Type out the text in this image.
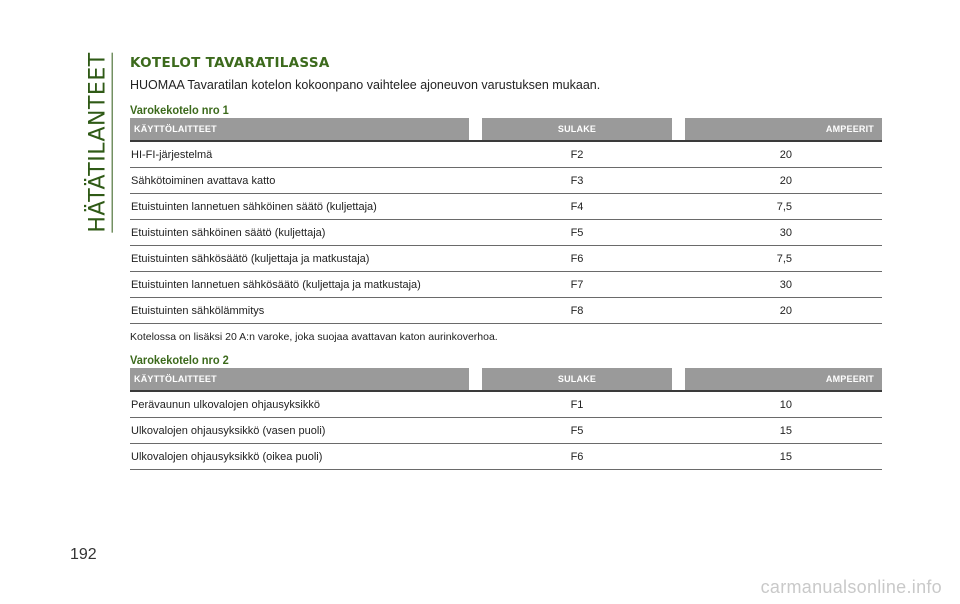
HÄTÄTILANTEET
192
KOTELOT TAVARATILASSA
HUOMAA Tavaratilan kotelon kokoonpano vaihtelee ajoneuvon varustuksen mukaan.
Varokekotelo nro 1
KÄYTTÖLAITTEET	SULAKE	AMPEERIT

HI-FI-järjestelmä	F2	20
Sähkötoiminen avattava katto	F3	20
Etuistuinten lannetuen sähköinen säätö (kuljettaja)	F4	7,5
Etuistuinten sähköinen säätö (kuljettaja)	F5	30
Etuistuinten sähkösäätö (kuljettaja ja matkustaja)	F6	7,5
Etuistuinten lannetuen sähkösäätö (kuljettaja ja matkustaja)	F7	30
Etuistuinten sähkölämmitys	F8	20
Kotelossa on lisäksi 20 A:n varoke, joka suojaa avattavan katon aurinkoverhoa.
Varokekotelo nro 2
KÄYTTÖLAITTEET	SULAKE	AMPEERIT

Perävaunun ulkovalojen ohjausyksikkö	F1	10
Ulkovalojen ohjausyksikkö (vasen puoli)	F5	15
Ulkovalojen ohjausyksikkö (oikea puoli)	F6	15
carmanualsonline.info
